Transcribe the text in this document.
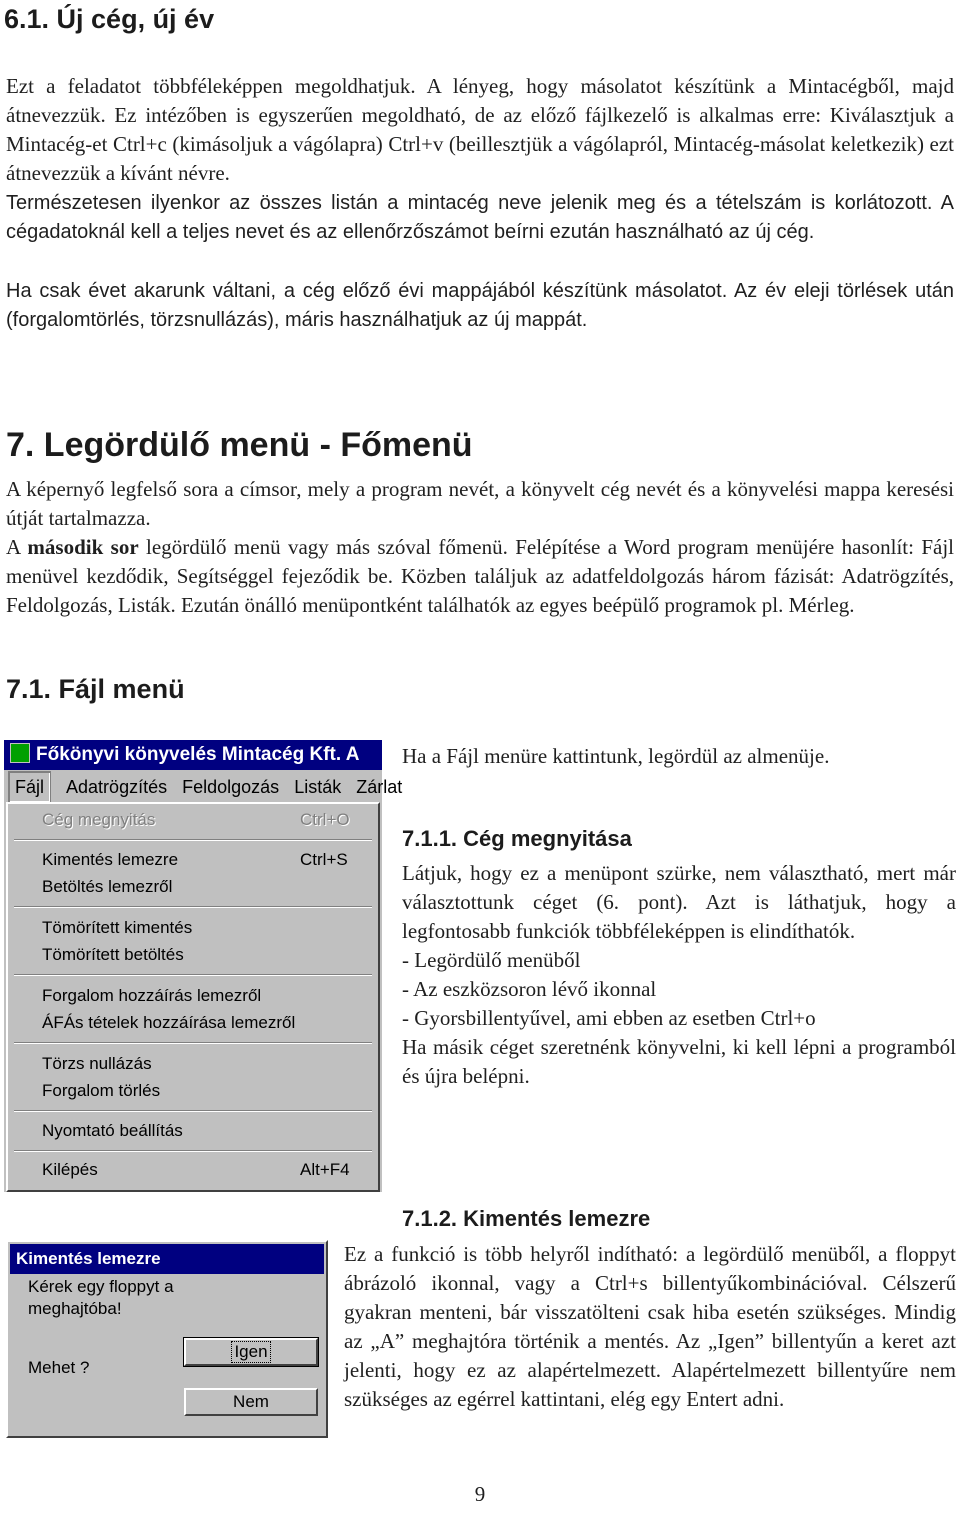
6.1. Új cég, új év

Ezt a feladatot többféleképpen megoldhatjuk. A lényeg, hogy másolatot készítünk a Mintacégből, majd átnevezzük. Ez intézőben is egyszerűen megoldható, de az előző fájlkezelő is alkalmas erre: Kiválasztjuk a Mintacég-et Ctrl+c (kimásoljuk a vágólapra) Ctrl+v (beillesztjük a vágólapról, Mintacég-másolat keletkezik) ezt átnevezzük a kívánt névre.

Természetesen ilyenkor az összes listán a mintacég neve jelenik meg és a tételszám is korlátozott. A cégadatoknál kell a teljes nevet és az ellenőrzőszámot beírni ezután használható az új cég.

Ha csak évet akarunk váltani, a cég előző évi mappájából készítünk másolatot. Az év eleji törlések után (forgalomtörlés, törzsnullázás), máris használhatjuk az új mappát.

7. Legördülő menü - Főmenü

A képernyő legfelső sora a címsor, mely a program nevét, a könyvelt cég nevét és a könyvelési mappa keresési útját tartalmazza.

A második sor legördülő menü vagy más szóval főmenü. Felépítése a Word program menüjére hasonlít: Fájl menüvel kezdődik, Segítséggel fejeződik be. Közben találjuk az adatfeldolgozás három fázisát: Adatrögzítés, Feldolgozás, Listák. Ezután önálló menüpontként találhatók az egyes beépülő programok pl. Mérleg.

7.1. Fájl menü
Főkönyvi könyvelés Mintacég Kft. A
Fájl Adatrögzítés Feldolgozás Listák Zárlat
Cég megnyitás	Ctrl+O
Kimentés lemezre	Ctrl+S
Betöltés lemezről
Tömörített kimentés
Tömörített betöltés
Forgalom hozzáírás lemezről
ÁFÁs tételek hozzáírása lemezről
Törzs nullázás
Forgalom törlés
Nyomtató beállítás
Kilépés	Alt+F4
Ha a Fájl menüre kattintunk, legördül az almenüje.
7.1.1. Cég megnyitása

Látjuk, hogy ez a menüpont szürke, nem választható, mert már választottunk céget (6. pont). Azt is láthatjuk, hogy a legfontosabb funkciók többféleképpen is elindíthatók.

- Legördülő menüből

- Az eszközsoron lévő ikonnal

- Gyorsbillentyűvel, ami ebben az esetben Ctrl+o

Ha másik céget szeretnénk könyvelni, ki kell lépni a programból és újra belépni.

7.1.2. Kimentés lemezre
Kimentés lemezre
Kérek egy floppyt a
meghajtóba!
Mehet ?
Igen
Nem

Ez a funkció is több helyről indítható: a legördülő menüből, a floppyt ábrázoló ikonnal, vagy a Ctrl+s billentyűkombinációval. Célszerű gyakran menteni, bár visszatölteni csak hiba esetén szükséges. Mindig az „A” meghajtóra történik a mentés. Az „Igen” billentyűn a keret azt jelenti, hogy ez az alapértelmezett. Alapértelmezett billentyűre nem szükséges az egérrel kattintani, elég egy Entert adni.

9
